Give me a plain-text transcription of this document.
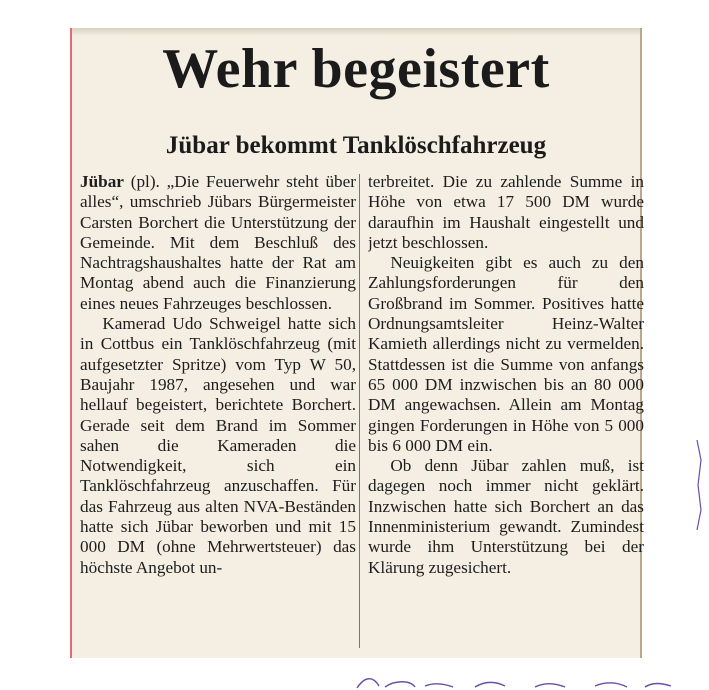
Wehr begeistert
Jübar bekommt Tanklöschfahrzeug

Jübar (pl). „Die Feuerwehr steht über alles“, umschrieb Jübars Bürgermeister Carsten Borchert die Unterstützung der Gemeinde. Mit dem Beschluß des Nachtragshaushaltes hatte der Rat am Montag abend auch die Finanzierung eines neues Fahrzeuges beschlossen.

Kamerad Udo Schweigel hatte sich in Cottbus ein Tanklöschfahrzeug (mit aufgesetzter Spritze) vom Typ W 50, Baujahr 1987, angesehen und war hellauf begeistert, berichtete Borchert. Gerade seit dem Brand im Sommer sahen die Kameraden die Notwendigkeit, sich ein Tanklöschfahrzeug anzuschaffen. Für das Fahrzeug aus alten NVA-Beständen hatte sich Jübar beworben und mit 15 000 DM (ohne Mehrwertsteuer) das höchste Angebot un-

terbreitet. Die zu zahlende Summe in Höhe von etwa 17 500 DM wurde daraufhin im Haushalt eingestellt und jetzt beschlossen.

Neuigkeiten gibt es auch zu den Zahlungsforderungen für den Großbrand im Sommer. Positives hatte Ordnungsamtsleiter Heinz-Walter Kamieth allerdings nicht zu vermelden. Stattdessen ist die Summe von anfangs 65 000 DM inzwischen bis an 80 000 DM angewachsen. Allein am Montag gingen Forderungen in Höhe von 5 000 bis 6 000 DM ein.

Ob denn Jübar zahlen muß, ist dagegen noch immer nicht geklärt. Inzwischen hatte sich Borchert an das Innenministerium gewandt. Zumindest wurde ihm Unterstützung bei der Klärung zugesichert.
